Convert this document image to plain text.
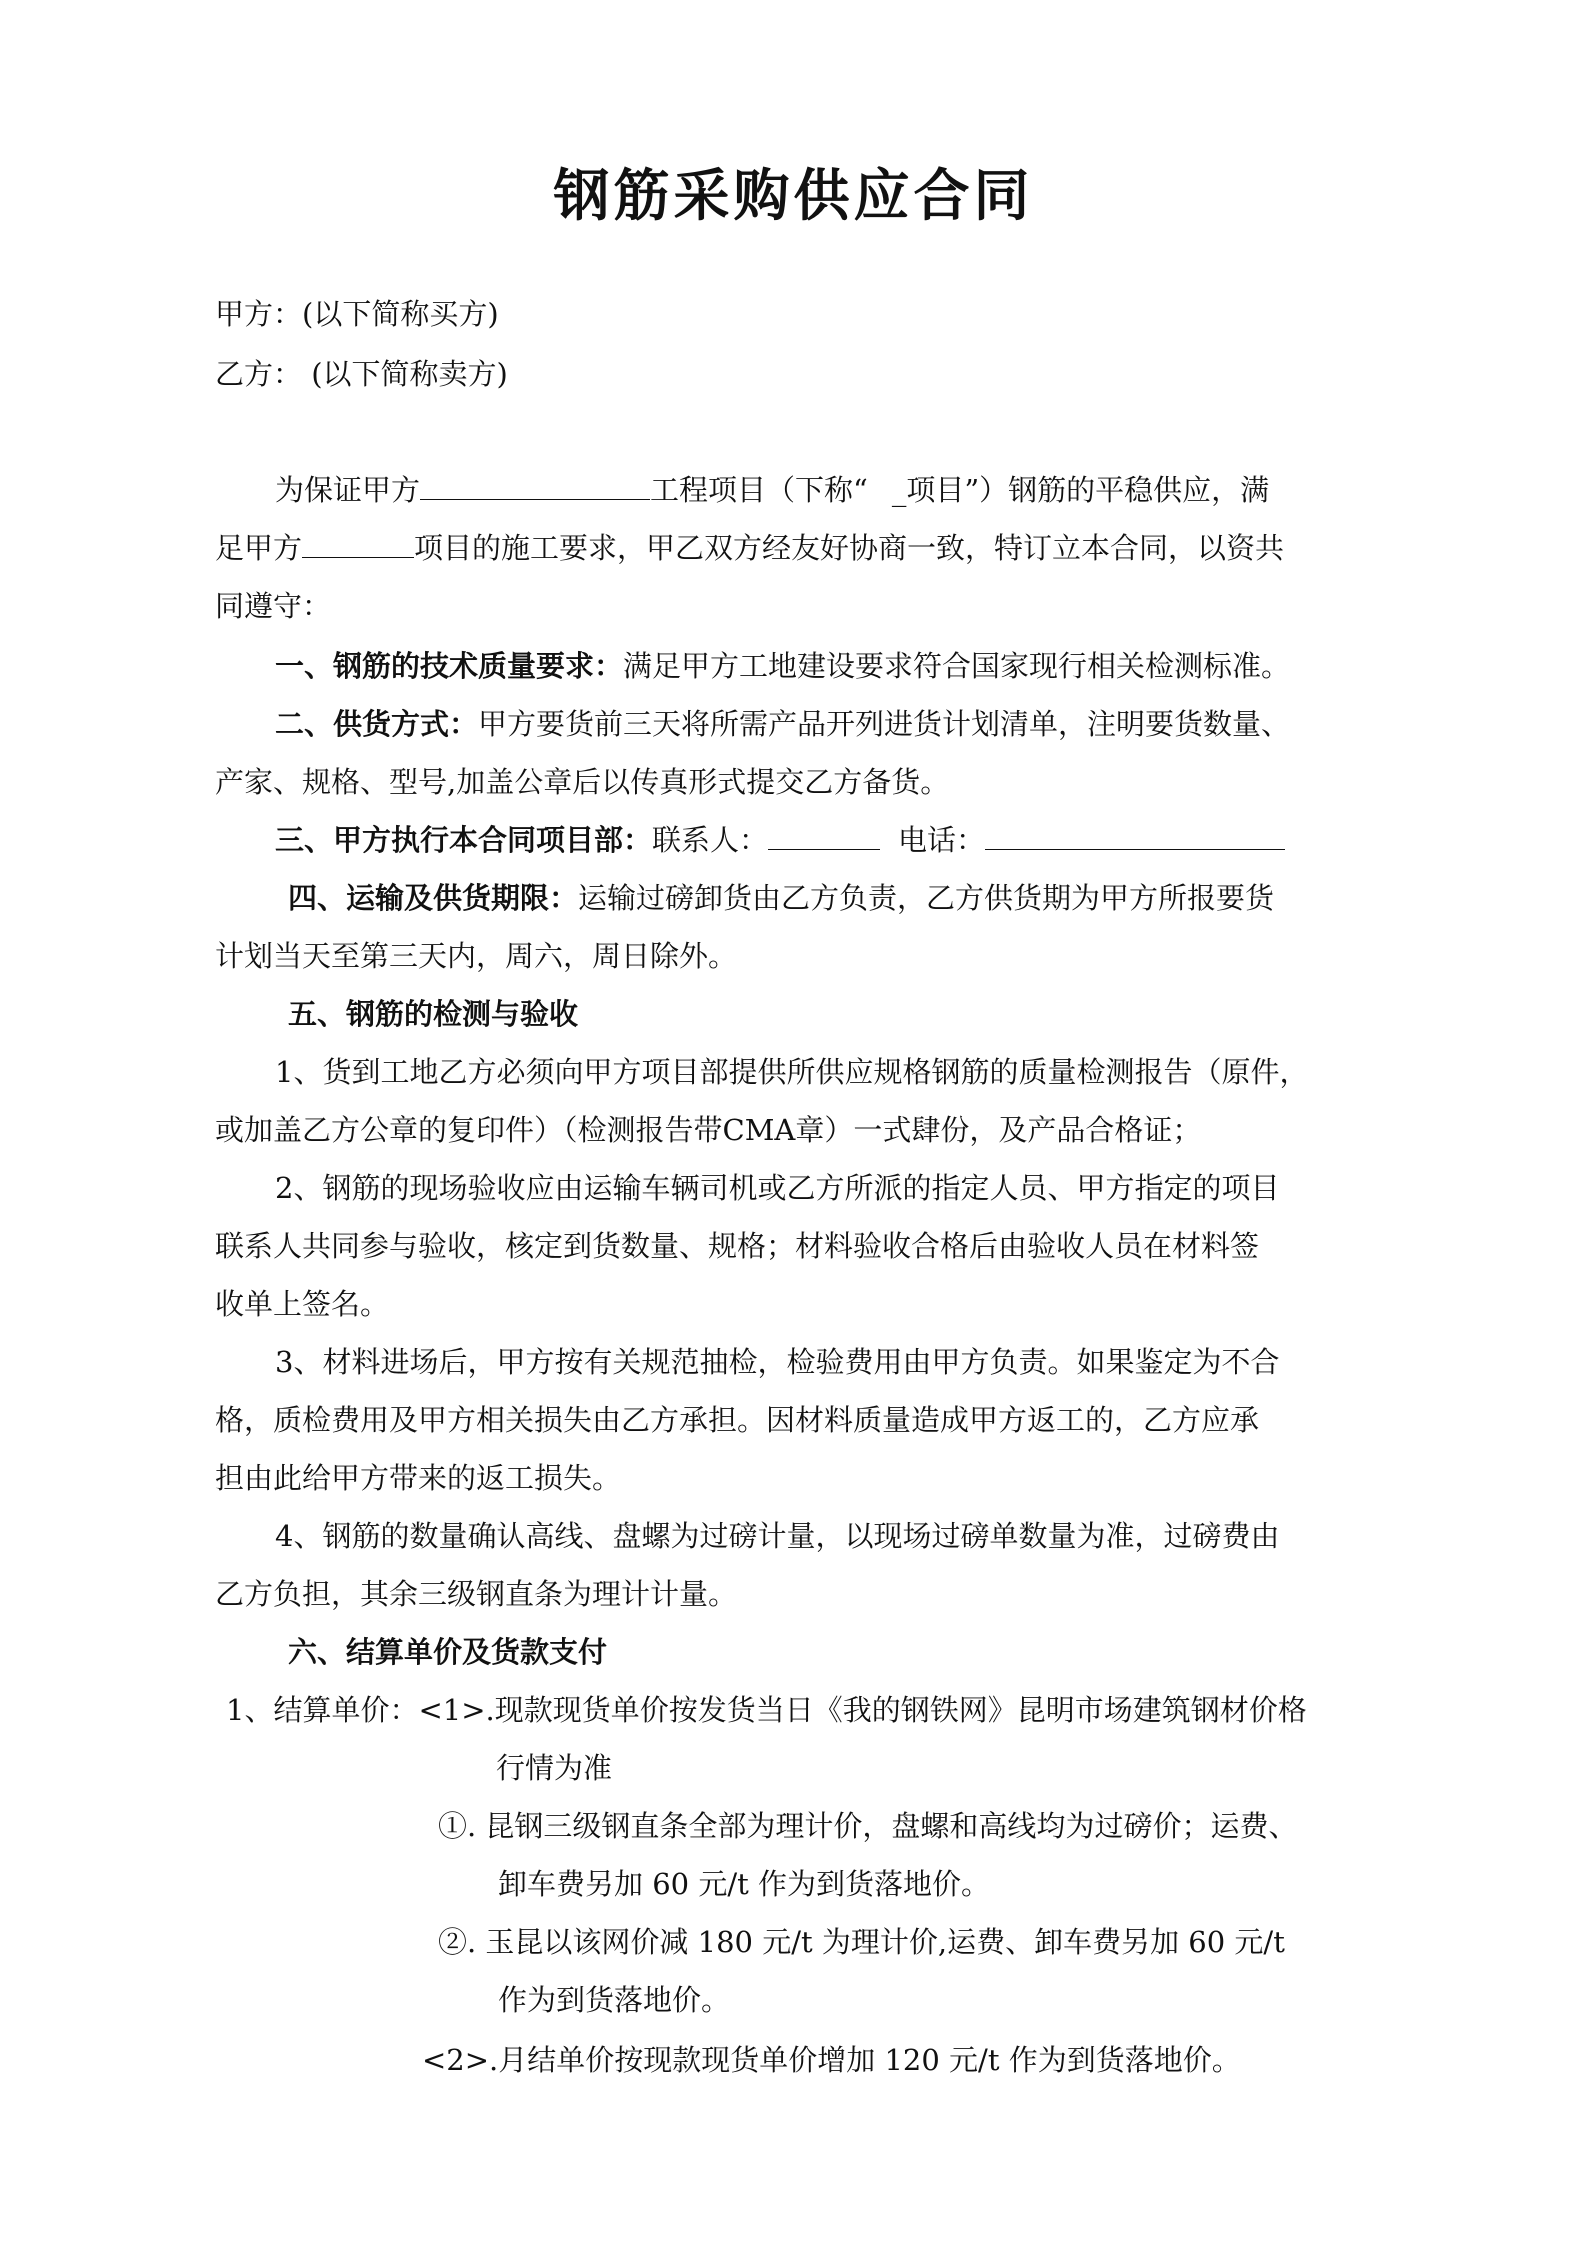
钢筋采购供应合同
甲方：(以下简称买方)
乙方： (以下简称卖方)
为保证甲方	工程项目（下称“ _项目”）钢筋的平稳供应，满
足甲方	项目的施工要求，甲乙双方经友好协商一致，特订立本合同，以资共
同遵守：
一、钢筋的技术质量要求：满足甲方工地建设要求符合国家现行相关检测标准。
二、供货方式：甲方要货前三天将所需产品开列进货计划清单，注明要货数量、
产家、规格、型号,加盖公章后以传真形式提交乙方备货。
三、甲方执行本合同项目部：联系人：	电话：
四、运输及供货期限：运输过磅卸货由乙方负责，乙方供货期为甲方所报要货
计划当天至第三天内，周六，周日除外。
五、钢筋的检测与验收
1、货到工地乙方必须向甲方项目部提供所供应规格钢筋的质量检测报告（原件，
或加盖乙方公章的复印件）（检测报告带CMA章）一式肆份，及产品合格证；
2、钢筋的现场验收应由运输车辆司机或乙方所派的指定人员、甲方指定的项目
联系人共同参与验收，核定到货数量、规格；材料验收合格后由验收人员在材料签
收单上签名。
3、材料进场后，甲方按有关规范抽检，检验费用由甲方负责。如果鉴定为不合
格，质检费用及甲方相关损失由乙方承担。因材料质量造成甲方返工的，乙方应承
担由此给甲方带来的返工损失。
4、钢筋的数量确认高线、盘螺为过磅计量，以现场过磅单数量为准，过磅费由
乙方负担，其余三级钢直条为理计计量。
六、结算单价及货款支付
1、结算单价：<1>.现款现货单价按发货当日《我的钢铁网》昆明市场建筑钢材价格
行情为准
①. 昆钢三级钢直条全部为理计价，盘螺和高线均为过磅价；运费、
卸车费另加 60 元/t 作为到货落地价。
②. 玉昆以该网价减 180 元/t 为理计价,运费、卸车费另加 60 元/t
作为到货落地价。
<2>.月结单价按现款现货单价增加 120 元/t 作为到货落地价。
